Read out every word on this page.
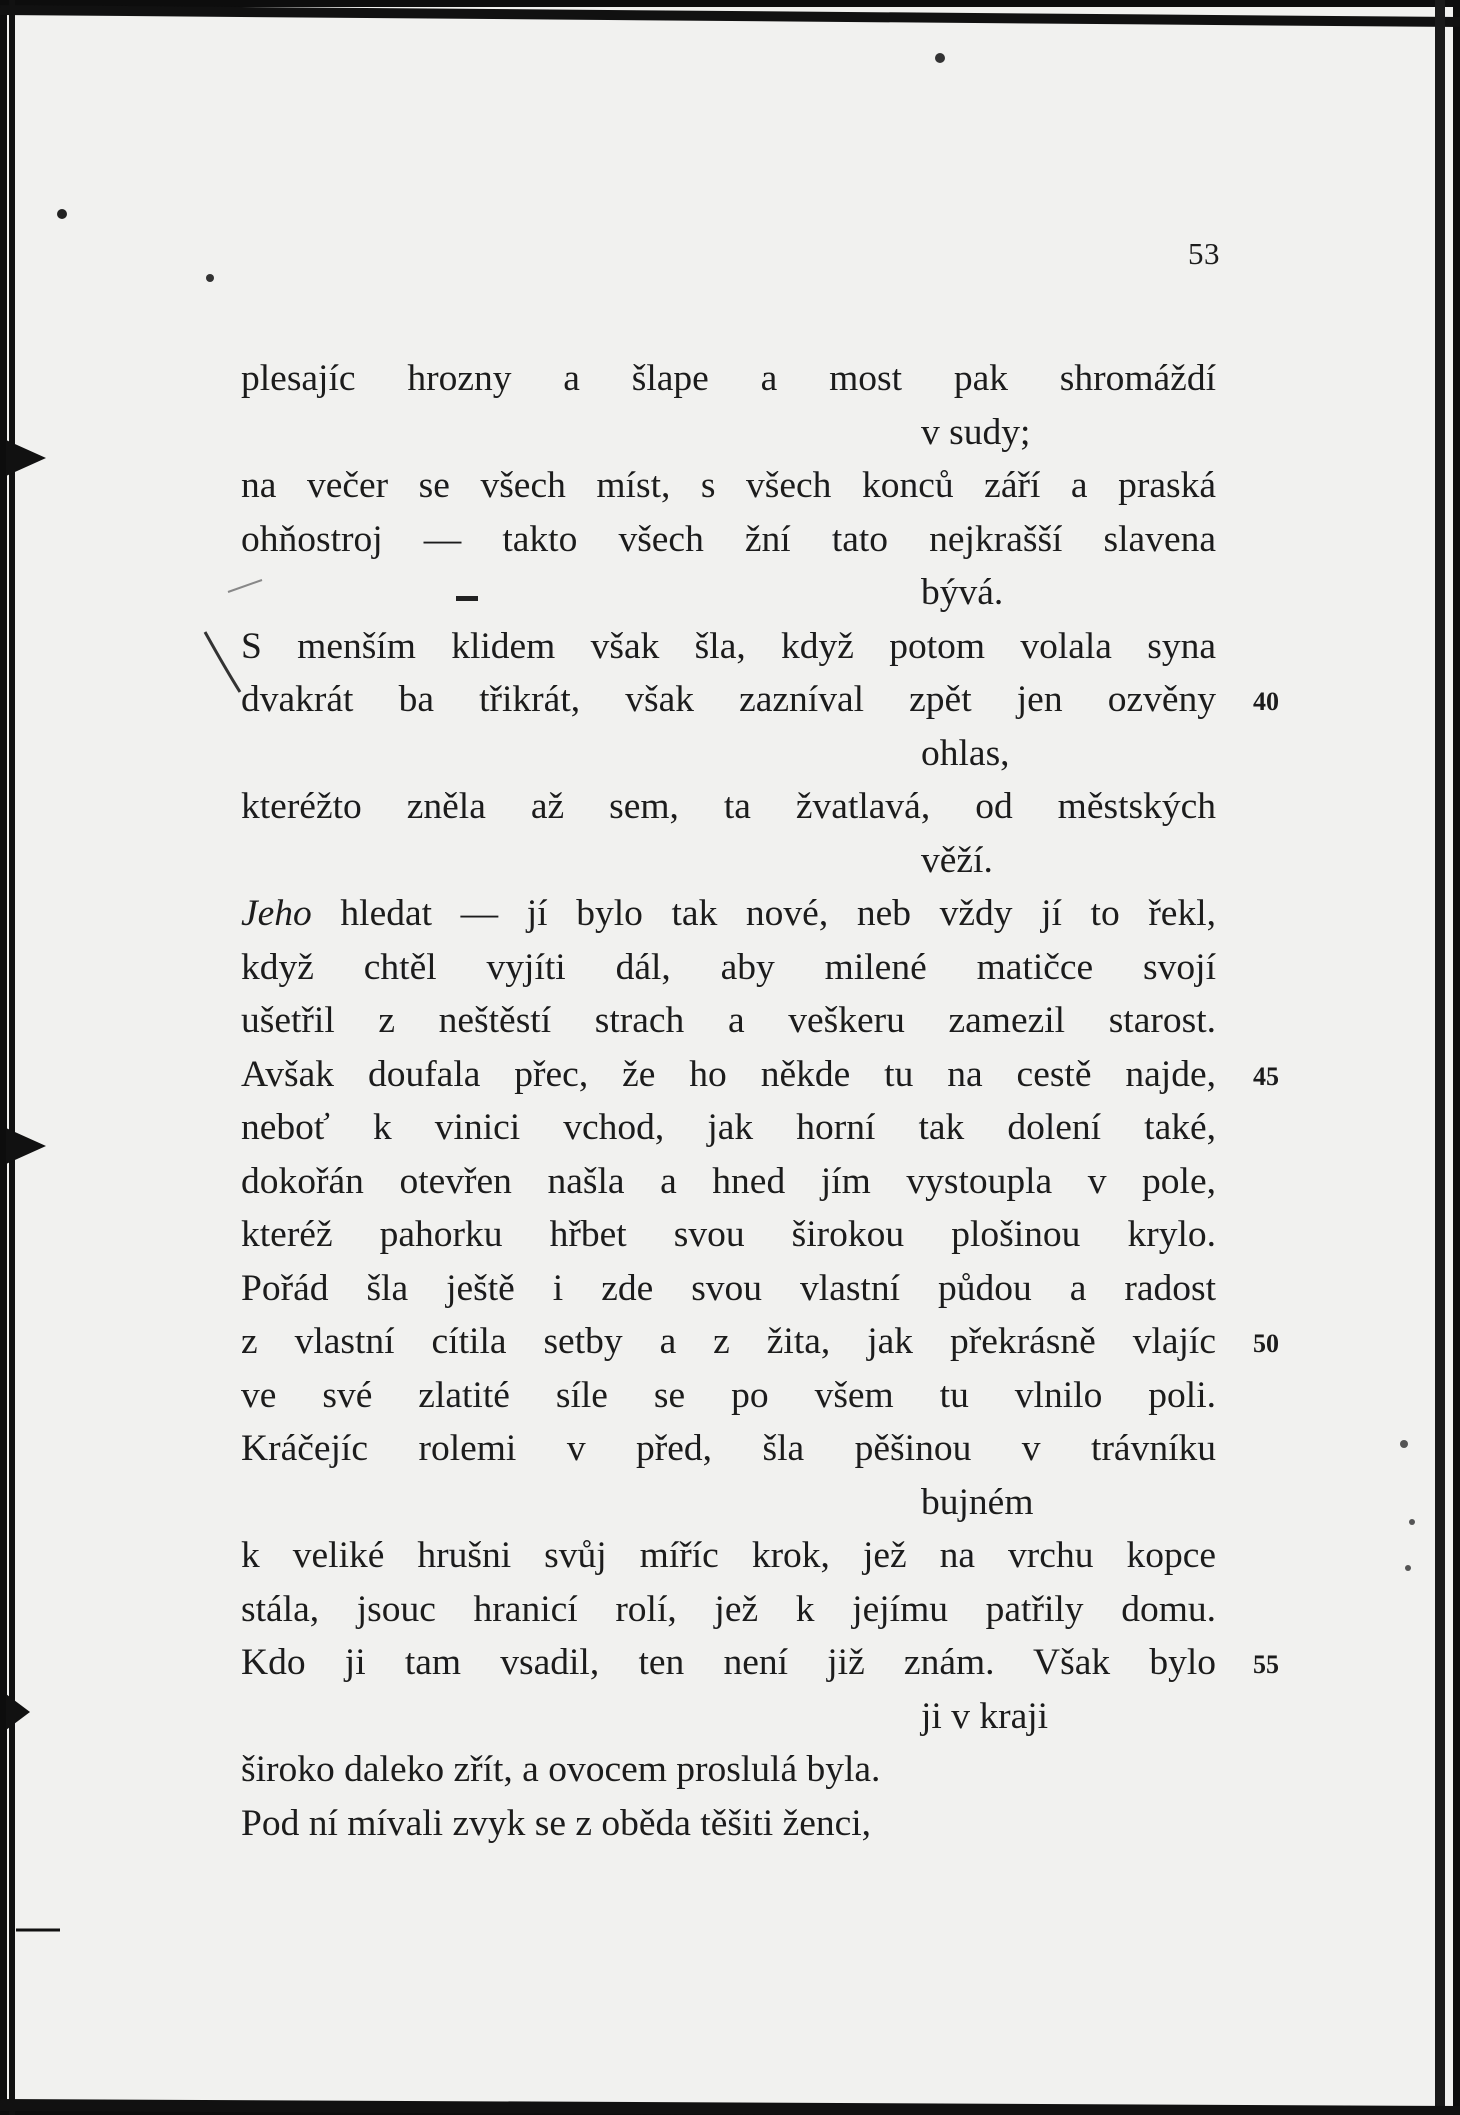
53
plesajíc hrozny a šlape a most pak shromáždí
v sudy;
na večer se všech míst, s všech konců září a praská
ohňostroj — takto všech žní tato nejkrašší slavena
bývá.
S menším klidem však šla, když potom volala syna
dvakrát ba třikrát, však zazníval zpět jen ozvěny 40
ohlas,
kteréžto zněla až sem, ta žvatlavá, od městských
věží.
Jeho hledat — jí bylo tak nové, neb vždy jí to řekl,
když chtěl vyjíti dál, aby milené matičce svojí
ušetřil z neštěstí strach a veškeru zamezil starost.
Avšak doufala přec, že ho někde tu na cestě najde, 45
neboť k vinici vchod, jak horní tak dolení také,
dokořán otevřen našla a hned jím vystoupla v pole,
kteréž pahorku hřbet svou širokou plošinou krylo.
Pořád šla ještě i zde svou vlastní půdou a radost
z vlastní cítila setby a z žita, jak překrásně vlajíc 50
ve své zlatité síle se po všem tu vlnilo poli.
Kráčejíc rolemi v před, šla pěšinou v trávníku
bujném
k veliké hrušni svůj míříc krok, jež na vrchu kopce
stála, jsouc hranicí rolí, jež k jejímu patřily domu.
Kdo ji tam vsadil, ten není již znám. Však bylo 55
ji v kraji
široko daleko zřít, a ovocem proslulá byla.
Pod ní mívali zvyk se z oběda těšiti ženci,
